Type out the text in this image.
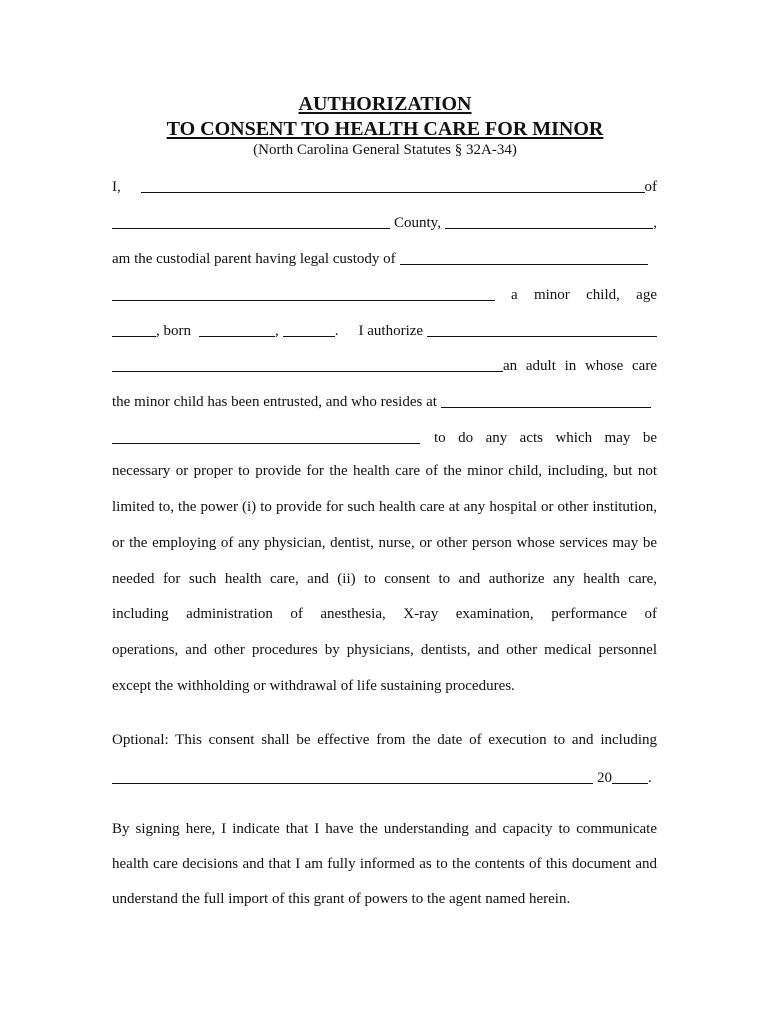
AUTHORIZATION
TO CONSENT TO HEALTH CARE FOR MINOR
(North Carolina General Statutes § 32A-34)
I,	of
County,	,
am the custodial parent having legal custody of
a minor child, age
, born	,	. I authorize
an adult in whose care
the minor child has been entrusted, and who resides at
to do any acts which may be
necessary or proper to provide for the health care of the minor child, including, but not
limited to, the power (i) to provide for such health care at any hospital or other institution,
or the employing of any physician, dentist, nurse, or other person whose services may be
needed for such health care, and (ii) to consent to and authorize any health care,
including administration of anesthesia, X-ray examination, performance of
operations, and other procedures by physicians, dentists, and other medical personnel
except the withholding or withdrawal of life sustaining procedures.
Optional: This consent shall be effective from the date of execution to and including
20 .
By signing here, I indicate that I have the understanding and capacity to communicate
health care decisions and that I am fully informed as to the contents of this document and
understand the full import of this grant of powers to the agent named herein.
